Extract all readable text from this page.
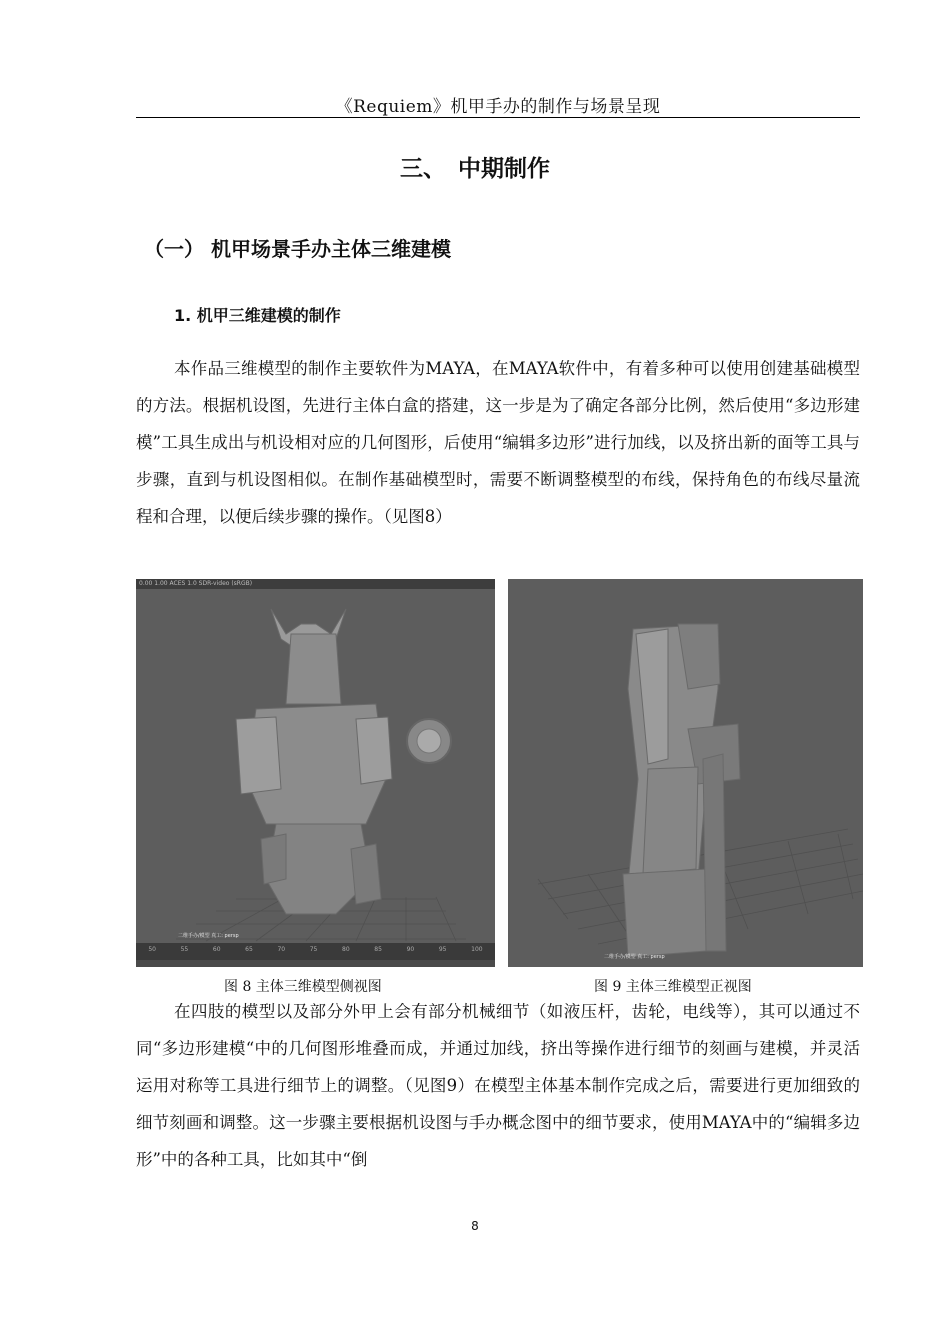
《Requiem》机甲手办的制作与场景呈现
三、 中期制作
（一） 机甲场景手办主体三维建模
1. 机甲三维建模的制作

本作品三维模型的制作主要软件为MAYA，在MAYA软件中，有着多种可以使用创建基础模型的方法。根据机设图，先进行主体白盒的搭建，这一步是为了确定各部分比例，然后使用“多边形建模”工具生成出与机设相对应的几何图形，后使用“编辑多边形”进行加线，以及挤出新的面等工具与步骤，直到与机设图相似。在制作基础模型时，需要不断调整模型的布线，保持角色的布线尽量流程和合理，以便后续步骤的操作。（见图8）

0.00 1.00 ACES 1.0 SDR-video (sRGB)
二维手办/模型 真工: persp
50	55	60	65	70	75	80	85	90	95	100
二维手办/模型 真工: persp
图 8 主体三维模型侧视图	图 9 主体三维模型正视图

在四肢的模型以及部分外甲上会有部分机械细节（如液压杆，齿轮，电线等），其可以通过不同“多边形建模“中的几何图形堆叠而成，并通过加线，挤出等操作进行细节的刻画与建模，并灵活运用对称等工具进行细节上的调整。（见图9）在模型主体基本制作完成之后，需要进行更加细致的细节刻画和调整。这一步骤主要根据机设图与手办概念图中的细节要求，使用MAYA中的“编辑多边形”中的各种工具，比如其中“倒

8
